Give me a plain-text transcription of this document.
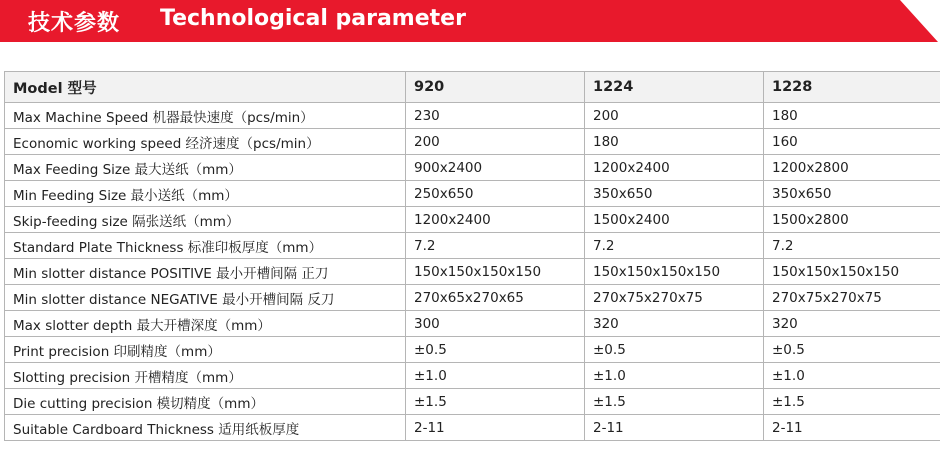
技术参数 Technological parameter
Model 型号	920	1224	1228
Max Machine Speed 机器最快速度（pcs/min）	230	200	180
Economic working speed 经济速度（pcs/min）	200	180	160
Max Feeding Size 最大送纸（mm）	900x2400	1200x2400	1200x2800
Min Feeding Size 最小送纸（mm）	250x650	350x650	350x650
Skip-feeding size 隔张送纸（mm）	1200x2400	1500x2400	1500x2800
Standard Plate Thickness 标准印板厚度（mm）	7.2	7.2	7.2
Min slotter distance POSITIVE 最小开槽间隔 正刀	150x150x150x150	150x150x150x150	150x150x150x150
Min slotter distance NEGATIVE 最小开槽间隔 反刀	270x65x270x65	270x75x270x75	270x75x270x75
Max slotter depth 最大开槽深度（mm）	300	320	320
Print precision 印刷精度（mm）	±0.5	±0.5	±0.5
Slotting precision 开槽精度（mm）	±1.0	±1.0	±1.0
Die cutting precision 模切精度（mm）	±1.5	±1.5	±1.5
Suitable Cardboard Thickness 适用纸板厚度	2-11	2-11	2-11
